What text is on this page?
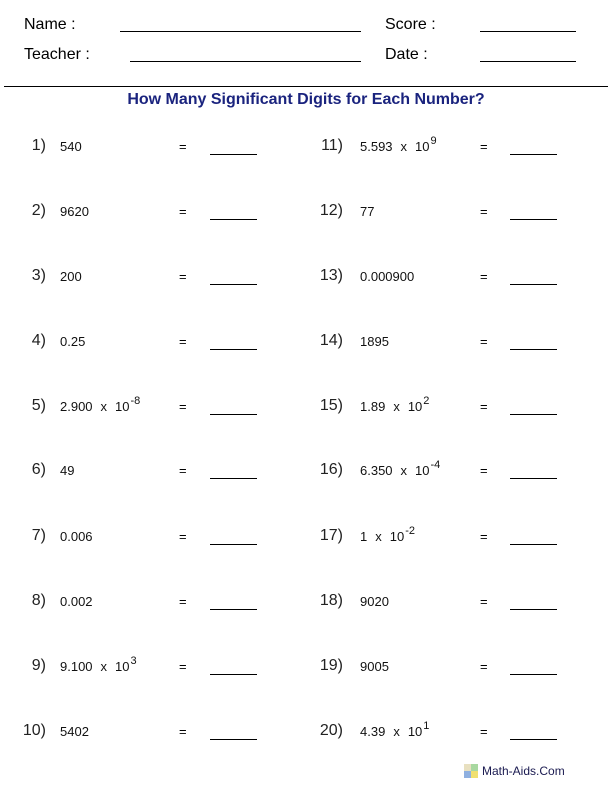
Name :
Teacher :
Score :
Date :
How Many Significant Digits for Each Number?
1) 540	=
2) 9620	=
3) 200	=
4) 0.25	=
5) 2.900 x $10^{-8}$	=
6) 49	=
7) 0.006	=
8) 0.002	=
9) 9.100 x $10^3$	=
10) 5402	=
11) 5.593 x $10^9$	=
12) 77	=
13) 0.000900	=
14) 1895	=
15) 1.89 x $10^2$	=
16) 6.350 x $10^{-4}$	=
17) 1 x $10^{-2}$	=
18) 9020	=
19) 9005	=
20) 4.39 x $10^1$	=
Math-Aids.Com
